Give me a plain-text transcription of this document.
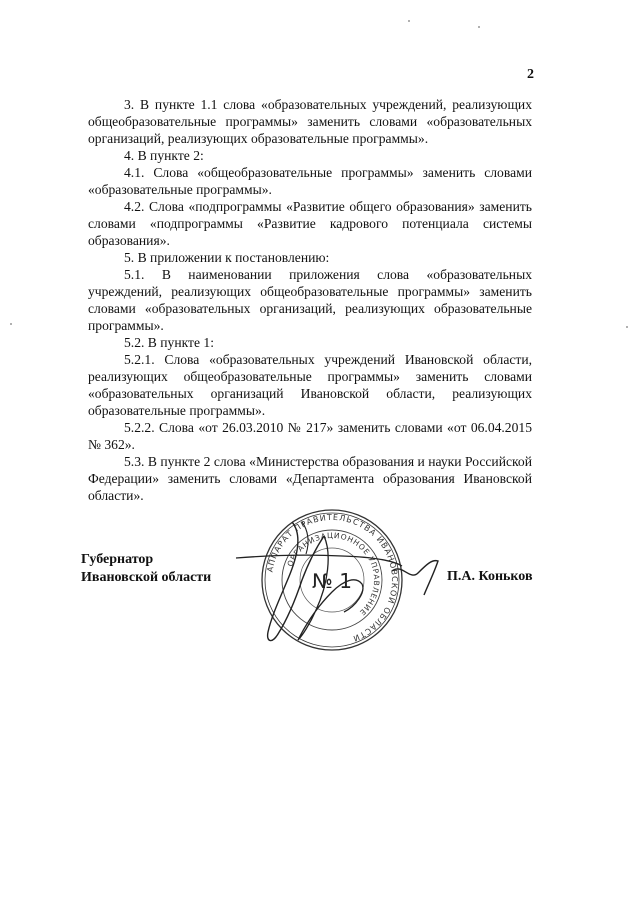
2

3. В пункте 1.1 слова «образовательных учреждений, реализующих общеобразовательные программы» заменить словами «образовательных организаций, реализующих образовательные программы».

4. В пункте 2:

4.1. Слова «общеобразовательные программы» заменить словами «образовательные программы».

4.2. Слова «подпрограммы «Развитие общего образования» заменить словами «подпрограммы «Развитие кадрового потенциала системы образования».

5. В приложении к постановлению:

5.1. В наименовании приложения слова «образовательных учреждений, реализующих общеобразовательные программы» заменить словами «образовательных организаций, реализующих образовательные программы».

5.2. В пункте 1:

5.2.1. Слова «образовательных учреждений Ивановской области, реализующих общеобразовательные программы» заменить словами «образовательных организаций Ивановской области, реализующих образовательные программы».

5.2.2. Слова «от 26.03.2010 № 217» заменить словами «от 06.04.2015 № 362».

5.3. В пункте 2 слова «Министерства образования и науки Российской Федерации» заменить словами «Департамента образования Ивановской области».

Губернатор
Ивановской области
АППАРАТ ПРАВИТЕЛЬСТВА ИВАНОВСКОЙ ОБЛАСТИ
ОРГАНИЗАЦИОННОЕ УПРАВЛЕНИЕ
№ 1	П.А. Коньков
